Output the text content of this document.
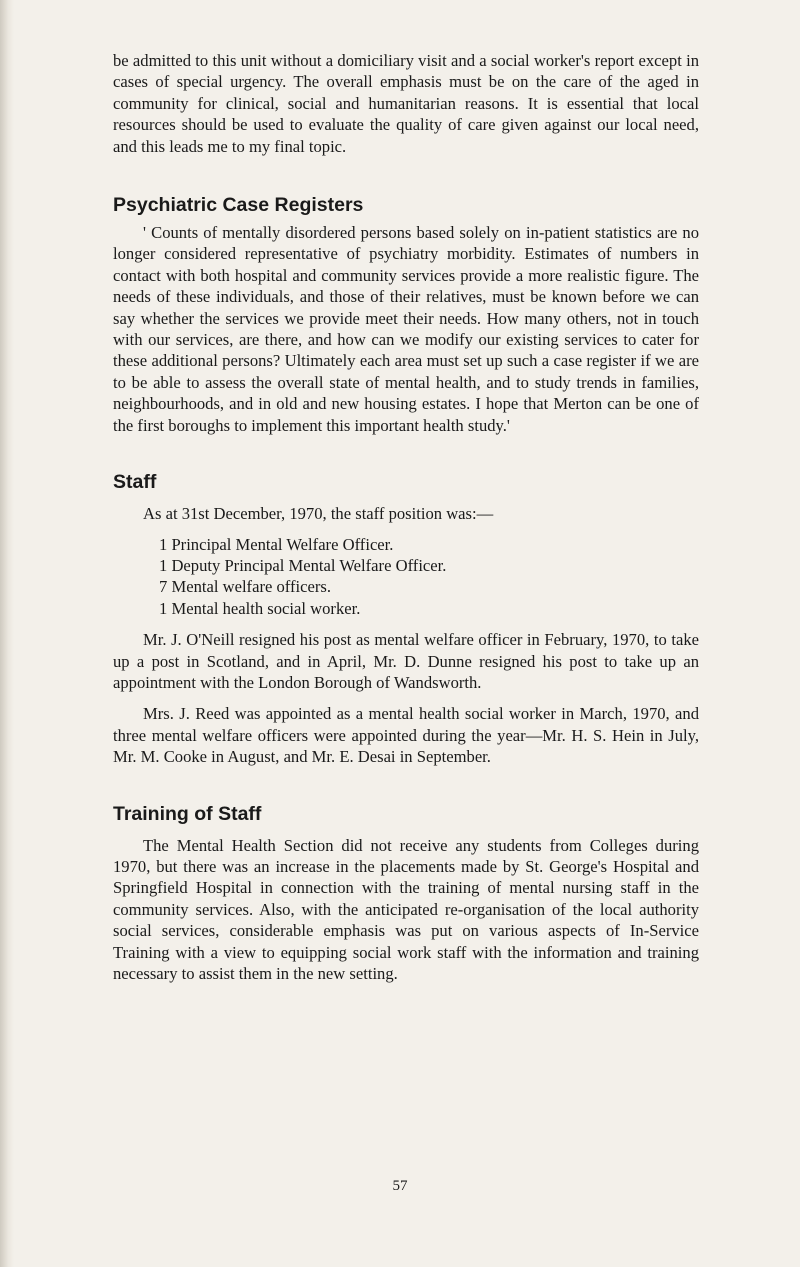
be admitted to this unit without a domiciliary visit and a social worker's report except in cases of special urgency. The overall emphasis must be on the care of the aged in community for clinical, social and humanitarian reasons. It is essential that local resources should be used to evaluate the quality of care given against our local need, and this leads me to my final topic.

Psychiatric Case Registers

' Counts of mentally disordered persons based solely on in-patient statistics are no longer considered representative of psychiatry morbidity. Estimates of numbers in contact with both hospital and community services provide a more realistic figure. The needs of these individuals, and those of their relatives, must be known before we can say whether the services we provide meet their needs. How many others, not in touch with our services, are there, and how can we modify our existing services to cater for these additional persons? Ultimately each area must set up such a case register if we are to be able to assess the overall state of mental health, and to study trends in families, neighbourhoods, and in old and new housing estates. I hope that Merton can be one of the first boroughs to implement this important health study.'

Staff

As at 31st December, 1970, the staff position was:—

1 Principal Mental Welfare Officer.
1 Deputy Principal Mental Welfare Officer.
7 Mental welfare officers.
1 Mental health social worker.

Mr. J. O'Neill resigned his post as mental welfare officer in February, 1970, to take up a post in Scotland, and in April, Mr. D. Dunne resigned his post to take up an appointment with the London Borough of Wandsworth.

Mrs. J. Reed was appointed as a mental health social worker in March, 1970, and three mental welfare officers were appointed during the year—Mr. H. S. Hein in July, Mr. M. Cooke in August, and Mr. E. Desai in September.

Training of Staff

The Mental Health Section did not receive any students from Colleges during 1970, but there was an increase in the placements made by St. George's Hospital and Springfield Hospital in connection with the training of mental nursing staff in the community services. Also, with the anticipated re-organisation of the local authority social services, considerable emphasis was put on various aspects of In-Service Training with a view to equipping social work staff with the information and training necessary to assist them in the new setting.

57
